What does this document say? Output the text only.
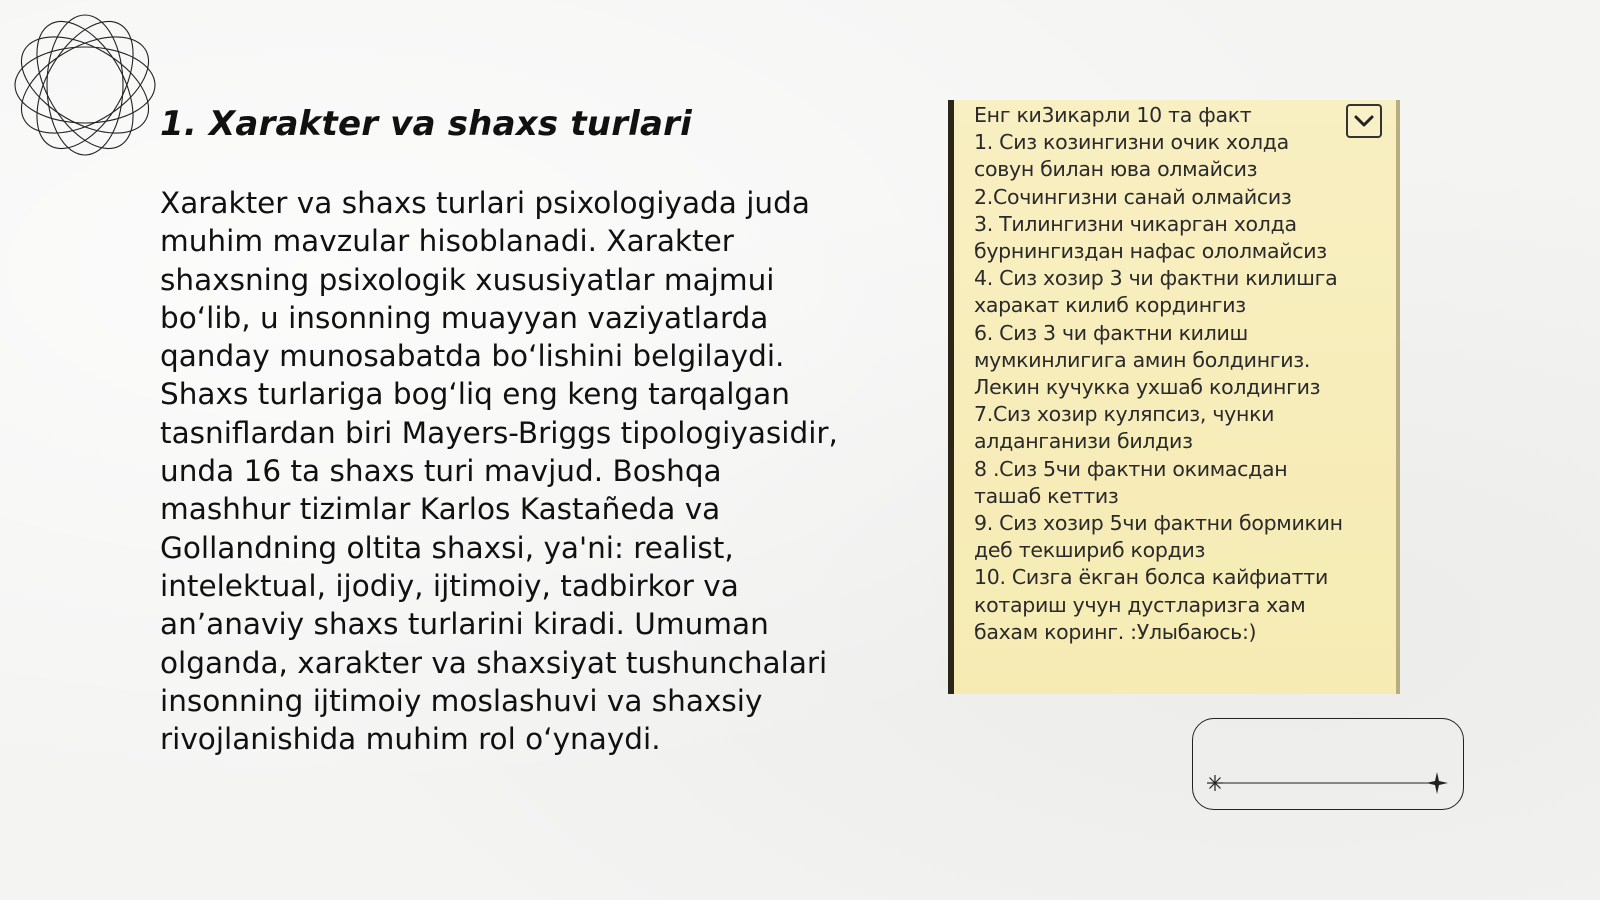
1. Xarakter va shaxs turlari

Xarakter va shaxs turlari psixologiyada juda muhim mavzular hisoblanadi. Xarakter shaxsning psixologik xususiyatlar majmui bo‘lib, u insonning muayyan vaziyatlarda qanday munosabatda bo‘lishini belgilaydi. Shaxs turlariga bog‘liq eng keng tarqalgan tasniflardan biri Mayers-Briggs tipologiyasidir, unda 16 ta shaxs turi mavjud. Boshqa mashhur tizimlar Karlos Kastañeda va Gollandning oltita shaxsi, ya'ni: realist, intelektual, ijodiy, ijtimoiy, tadbirkor va an’anaviy shaxs turlarini kiradi. Umuman olganda, xarakter va shaxsiyat tushunchalari insonning ijtimoiy moslashuvi va shaxsiy rivojlanishida muhim rol o‘ynaydi.

Енг ки3икарли 10 та факт
1. Сиз козингизни очик холда
совун билан юва олмайсиз
2.Сочингизни санай олмайсиз
3. Тилингизни чикарган холда
бурнингиздан нафас ололмайсиз
4. Сиз хозир 3 чи фактни килишга
харакат килиб кордингиз
6. Сиз 3 чи фактни килиш
мумкинлигига амин болдингиз.
Лекин кучукка ухшаб колдингиз
7.Сиз хозир куляпсиз, чунки
алданганизи билдиз
8 .Сиз 5чи фактни окимасдан
ташаб кеттиз
9. Сиз хозир 5чи фактни бормикин
деб текшириб кордиз
10. Сизга ёкган болса кайфиатти
котариш учун дустларизга хам
бахам коринг. :Улыбаюсь:)
